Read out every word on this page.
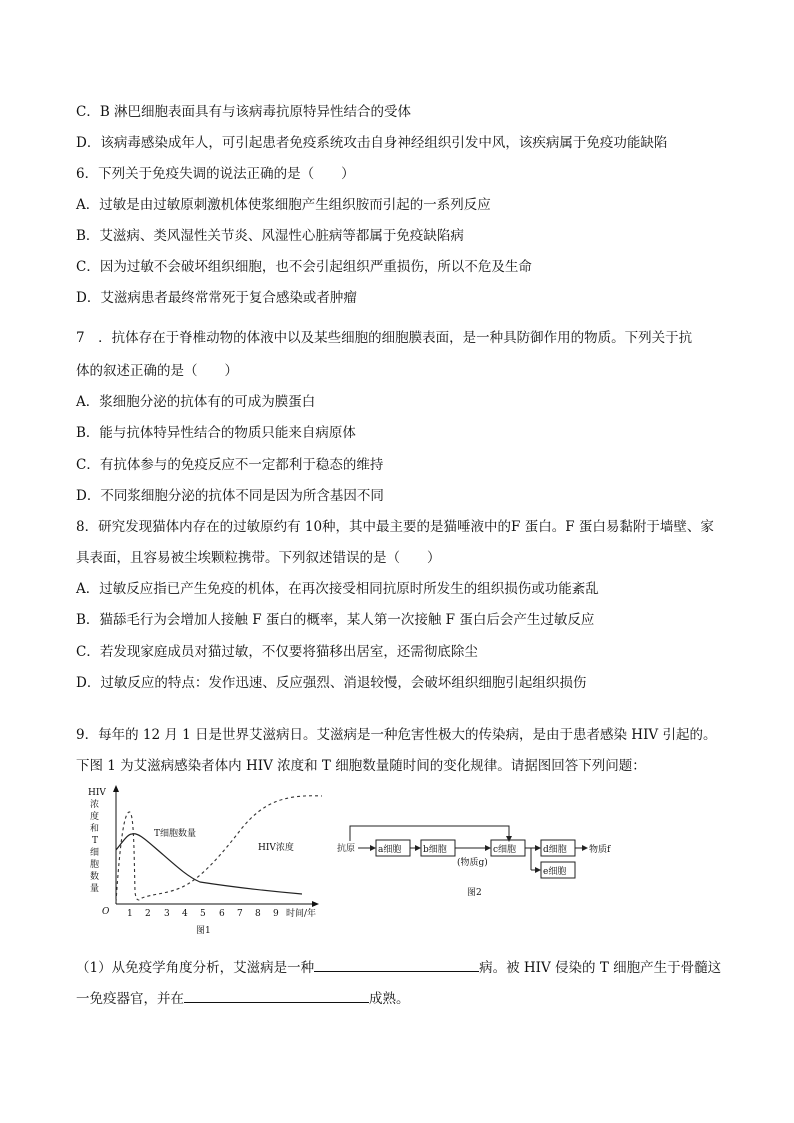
C．B 淋巴细胞表面具有与该病毒抗原特异性结合的受体
D．该病毒感染成年人，可引起患者免疫系统攻击自身神经组织引发中风，该疾病属于免疫功能缺陷
6．下列关于免疫失调的说法正确的是（　　）
A．过敏是由过敏原刺激机体使浆细胞产生组织胺而引起的一系列反应
B．艾滋病、类风湿性关节炎、风湿性心脏病等都属于免疫缺陷病
C．因为过敏不会破坏组织细胞，也不会引起组织严重损伤，所以不危及生命
D．艾滋病患者最终常常死于复合感染或者肿瘤
7　．抗体存在于脊椎动物的体液中以及某些细胞的细胞膜表面，是一种具防御作用的物质。下列关于抗
体的叙述正确的是（　　）
A．浆细胞分泌的抗体有的可成为膜蛋白
B．能与抗体特异性结合的物质只能来自病原体
C．有抗体参与的免疫反应不一定都利于稳态的维持
D．不同浆细胞分泌的抗体不同是因为所含基因不同
8．研究发现猫体内存在的过敏原约有 10种，其中最主要的是猫唾液中的F 蛋白。F 蛋白易黏附于墙壁、家
具表面，且容易被尘埃颗粒携带。下列叙述错误的是（　　）
A．过敏反应指已产生免疫的机体，在再次接受相同抗原时所发生的组织损伤或功能紊乱
B．猫舔毛行为会增加人接触 F 蛋白的概率，某人第一次接触 F 蛋白后会产生过敏反应
C．若发现家庭成员对猫过敏，不仅要将猫移出居室，还需彻底除尘
D．过敏反应的特点：发作迅速、反应强烈、消退较慢，会破坏组织细胞引起组织损伤
9．每年的 12 月 1 日是世界艾滋病日。艾滋病是一种危害性极大的传染病，是由于患者感染 HIV 引起的。
下图 1 为艾滋病感染者体内 HIV 浓度和 T 细胞数量随时间的变化规律。请据图回答下列问题：
HIV
浓
度
和
T
细
胞
数
量
O 1 2 3 4 5 6 7 8 9 时间/年
T细胞数量
HIV浓度
图1
抗原	a细胞 b细胞
(物质g)
c细胞	d细胞
e细胞
物质f
图2
（1）从免疫学角度分析，艾滋病是一种	病。被 HIV 侵染的 T 细胞产生于骨髓这
一免疫器官，并在	成熟。
